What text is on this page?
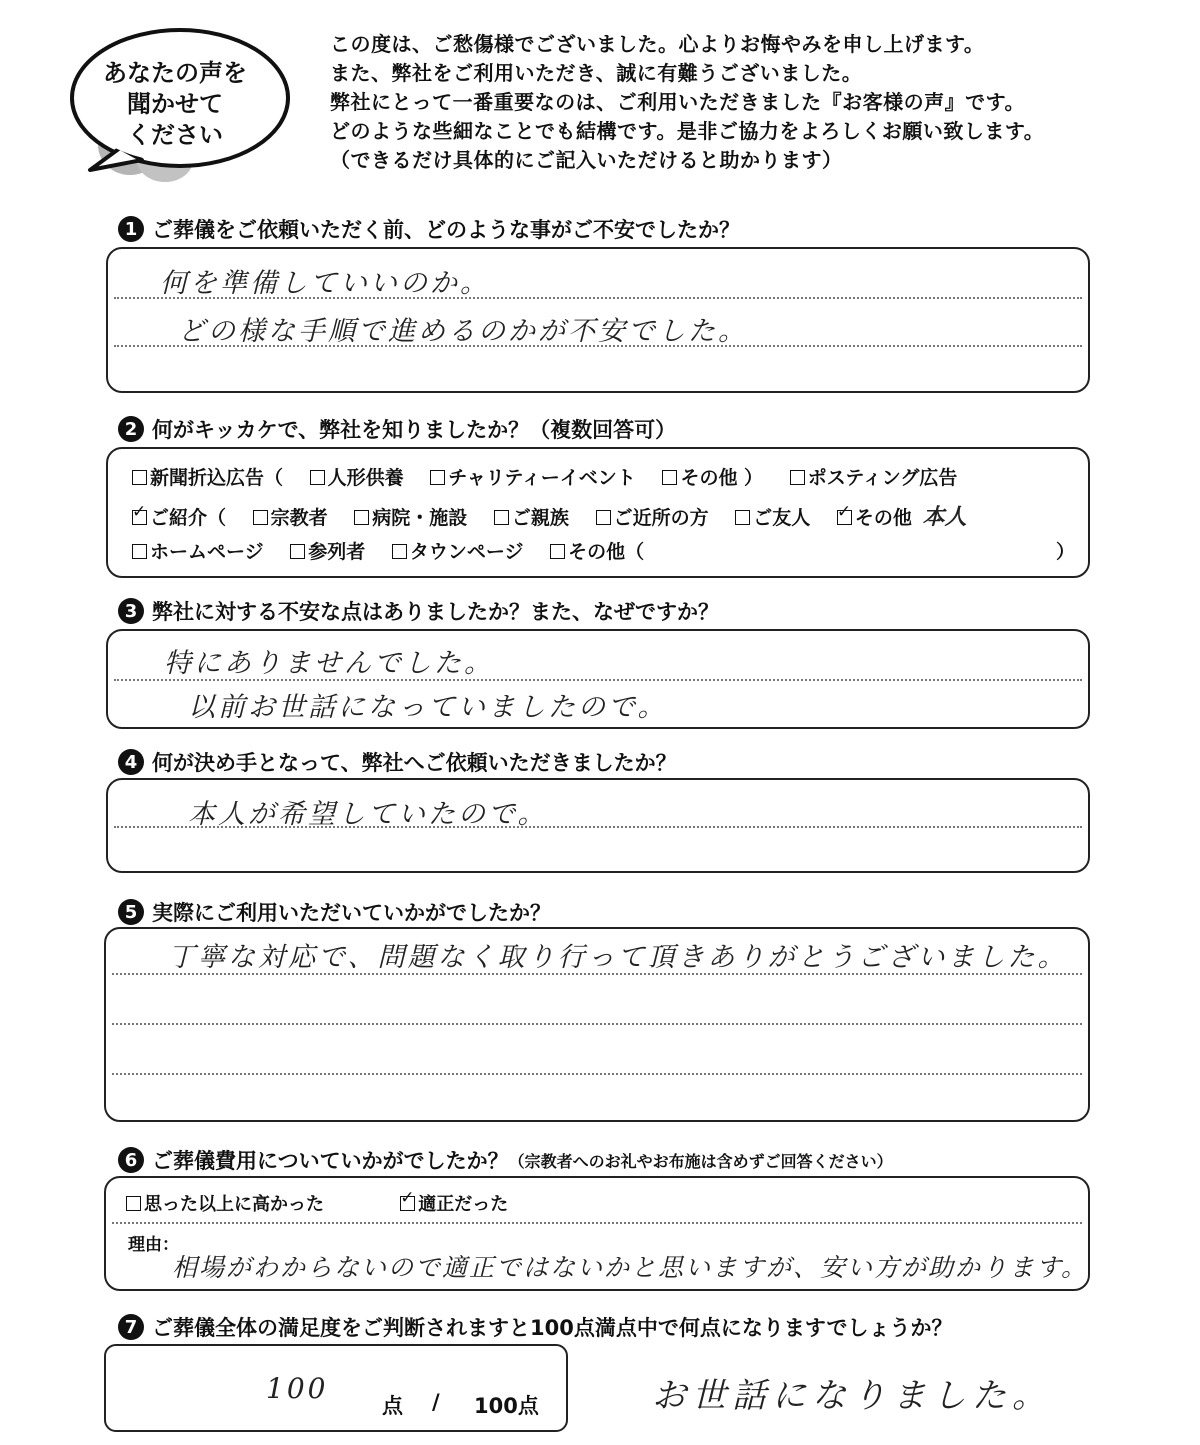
あなたの声を
聞かせて
ください
この度は、ご愁傷様でございました。心よりお悔やみを申し上げます。
また、弊社をご利用いただき、誠に有難うございました。
弊社にとって一番重要なのは、ご利用いただきました『お客様の声』です。
どのような些細なことでも結構です。是非ご協力をよろしくお願い致します。
（できるだけ具体的にご記入いただけると助かります）
1 ご葬儀をご依頼いただく前、どのような事がご不安でしたか？
何を準備していいのか。
どの様な手順で進めるのかが不安でした。
2 何がキッカケで、弊社を知りましたか？（複数回答可）
新聞折込広告（ 人形供養 チャリティーイベント その他 ） ポスティング広告
✓ご紹介（ 宗教者 病院・施設 ご親族 ご近所の方 ご友人 ✓ その他 本人
ホームページ 参列者 タウンページ その他（	）
3 弊社に対する不安な点はありましたか？また、なぜですか？
特にありませんでした。
以前お世話になっていましたので。
4 何が決め手となって、弊社へご依頼いただきましたか？
本人が希望していたので。
5 実際にご利用いただいていかがでしたか？
丁寧な対応で、問題なく取り行って頂きありがとうございました。
6 ご葬儀費用についていかがでしたか？ （宗教者へのお礼やお布施は含めずご回答ください）
思った以上に高かった ✓	適正だった
理由：
相場がわからないので適正ではないかと思いますが、安い方が助かります。
7 ご葬儀全体の満足度をご判断されますと100点満点中で何点になりますでしょうか？
100
点 / 100点	お世話になりました。
